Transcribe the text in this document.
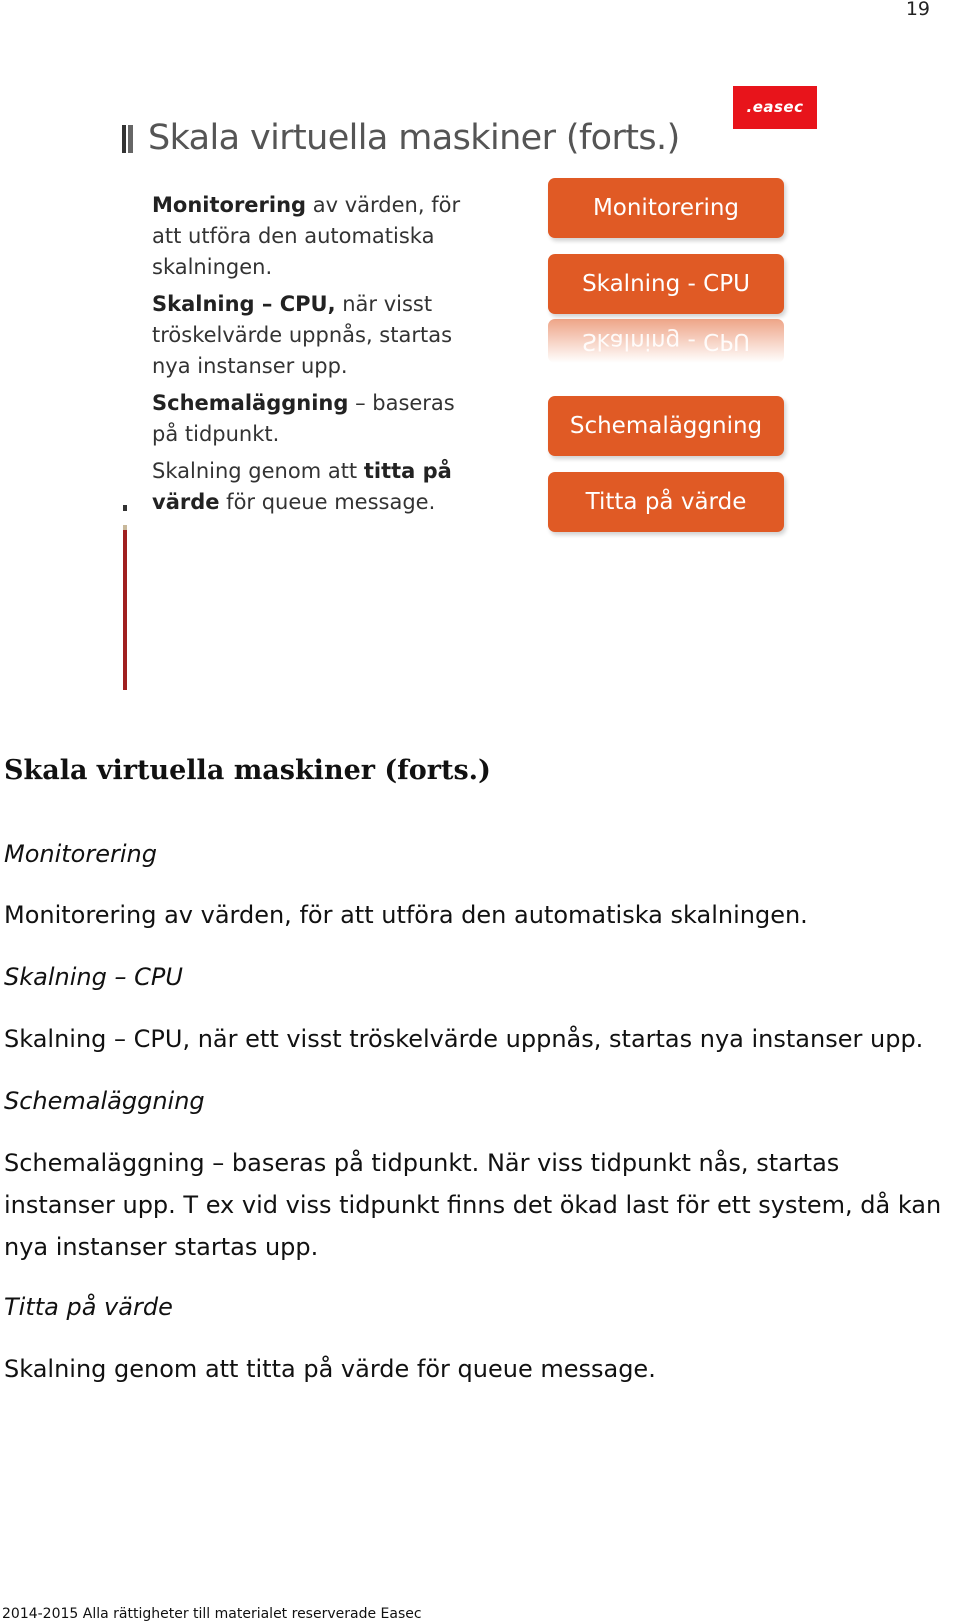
19
.easec
Skala virtuella maskiner (forts.)

Monitorering av värden, för att utföra den automatiska skalningen.

Skalning – CPU, när visst tröskelvärde uppnås, startas nya instanser upp.

Schemaläggning – baseras på tidpunkt.

Skalning genom att titta på värde för queue message.

Monitorering
Skalning - CPU
Skalning - CPU
Schemaläggning
Titta på värde
Skala virtuella maskiner (forts.)

Monitorering

Monitorering av värden, för att utföra den automatiska skalningen.

Skalning – CPU

Skalning – CPU, när ett visst tröskelvärde uppnås, startas nya instanser upp.

Schemaläggning

Schemaläggning – baseras på tidpunkt. När viss tidpunkt nås, startas instanser upp. T ex vid viss tidpunkt finns det ökad last för ett system, då kan nya instanser startas upp.

Titta på värde

Skalning genom att titta på värde för queue message.

2014-2015 Alla rättigheter till materialet reserverade Easec
